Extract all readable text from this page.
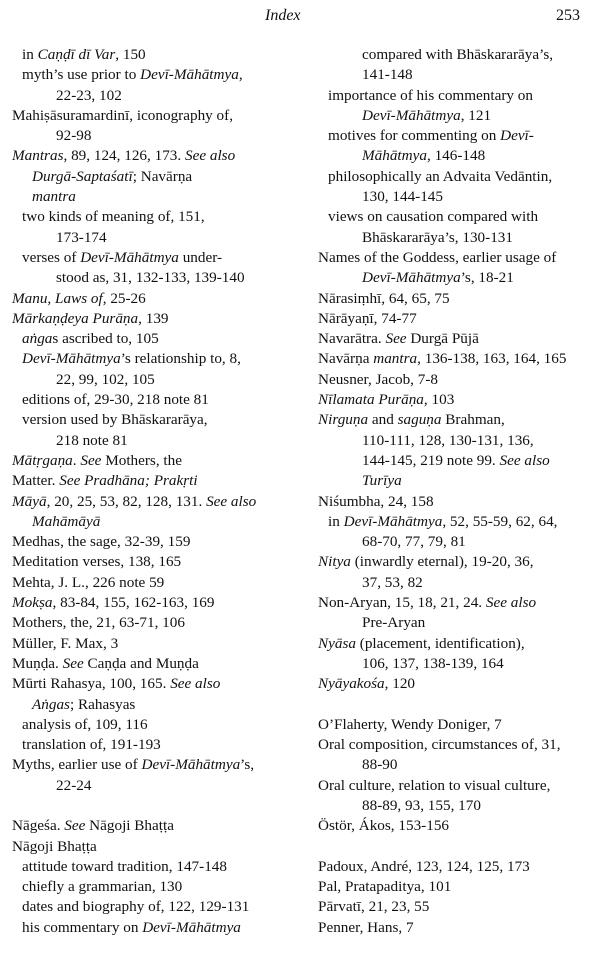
Index	253
in Caṇḍī dī Var, 150
myth’s use prior to Devī-Māhātmya,
22-23, 102
Mahiṣāsuramardinī, iconography of,
92-98
Mantras, 89, 124, 126, 173. See also
Durgā-Saptaśatī; Navārṇa
mantra
two kinds of meaning of, 151,
173-174
verses of Devī-Māhātmya under-
stood as, 31, 132-133, 139-140
Manu, Laws of, 25-26
Mārkaṇḍeya Purāṇa, 139
aṅgas ascribed to, 105
Devī-Māhātmya’s relationship to, 8,
22, 99, 102, 105
editions of, 29-30, 218 note 81
version used by Bhāskararāya,
218 note 81
Mātṛgaṇa. See Mothers, the
Matter. See Pradhāna; Prakṛti
Māyā, 20, 25, 53, 82, 128, 131. See also
Mahāmāyā
Medhas, the sage, 32-39, 159
Meditation verses, 138, 165
Mehta, J. L., 226 note 59
Mokṣa, 83-84, 155, 162-163, 169
Mothers, the, 21, 63-71, 106
Müller, F. Max, 3
Muṇḍa. See Caṇḍa and Muṇḍa
Mūrti Rahasya, 100, 165. See also
Aṅgas; Rahasyas
analysis of, 109, 116
translation of, 191-193
Myths, earlier use of Devī-Māhātmya’s,
22-24
Nāgeśa. See Nāgoji Bhaṭṭa
Nāgoji Bhaṭṭa
attitude toward tradition, 147-148
chiefly a grammarian, 130
dates and biography of, 122, 129-131
his commentary on Devī-Māhātmya
compared with Bhāskararāya’s,
141-148
importance of his commentary on
Devī-Māhātmya, 121
motives for commenting on Devī-
Māhātmya, 146-148
philosophically an Advaita Vedāntin,
130, 144-145
views on causation compared with
Bhāskararāya’s, 130-131
Names of the Goddess, earlier usage of
Devī-Māhātmya’s, 18-21
Nārasiṃhī, 64, 65, 75
Nārāyaṇī, 74-77
Navarātra. See Durgā Pūjā
Navārṇa mantra, 136-138, 163, 164, 165
Neusner, Jacob, 7-8
Nīlamata Purāṇa, 103
Nirguṇa and saguṇa Brahman,
110-111, 128, 130-131, 136,
144-145, 219 note 99. See also
Turīya
Niśumbha, 24, 158
in Devī-Māhātmya, 52, 55-59, 62, 64,
68-70, 77, 79, 81
Nitya (inwardly eternal), 19-20, 36,
37, 53, 82
Non-Aryan, 15, 18, 21, 24. See also
Pre-Aryan
Nyāsa (placement, identification),
106, 137, 138-139, 164
Nyāyakośa, 120
O’Flaherty, Wendy Doniger, 7
Oral composition, circumstances of, 31,
88-90
Oral culture, relation to visual culture,
88-89, 93, 155, 170
Östör, Ákos, 153-156
Padoux, André, 123, 124, 125, 173
Pal, Pratapaditya, 101
Pārvatī, 21, 23, 55
Penner, Hans, 7
